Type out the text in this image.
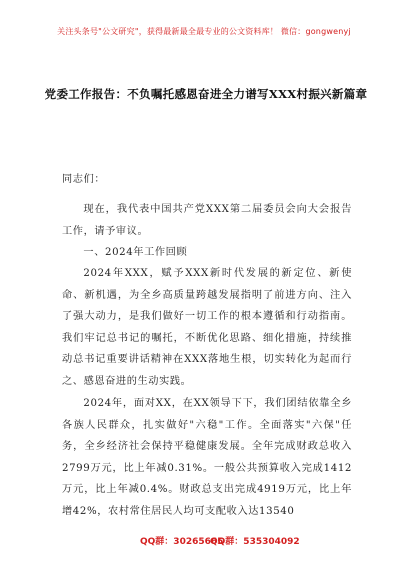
关注头条号"公文研究"，获得最新最全最专业的公文资料库！ 微信：gongwenyj
党委工作报告：不负嘱托感恩奋进全力谱写XXX村振兴新篇章
同志们：
现在，我代表中国共产党XXX第二届委员会向大会报告工作，请予审议。
一、2024年工作回顾
2024年XXX，赋予XXX新时代发展的新定位、新使命、新机遇，为全乡高质量跨越发展指明了前进方向、注入了强大动力，是我们做好一切工作的根本遵循和行动指南。我们牢记总书记的嘱托，不断优化思路、细化措施，持续推动总书记重要讲话精神在XXX落地生根，切实转化为起而行之、感恩奋进的生动实践。
2024年，面对XX，在XX领导下下，我们团结依靠全乡各族人民群众，扎实做好"六稳"工作。全面落实"六保"任务，全乡经济社会保持平稳健康发展。全年完成财政总收入2799万元，比上年减0.31%。一般公共预算收入完成1412万元，比上年减0.4%。财政总支出完成4919万元，比上年增42%，农村常住居民人均可支配收入达13540
QQ群：30265665
QQ群：535304092
